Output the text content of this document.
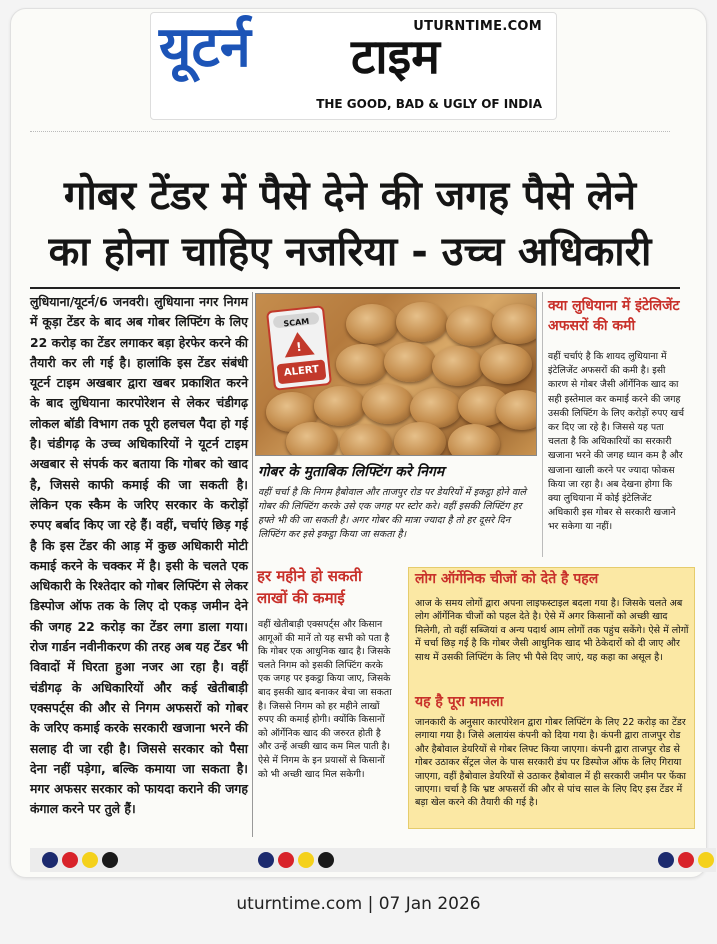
यूटर्न टाइम
UTURNTIME.COM
THE GOOD, BAD & UGLY OF INDIA
गोबर टेंडर में पैसे देने की जगह पैसे लेने
का होना चाहिए नजरिया - उच्च अधिकारी
लुधियाना/यूटर्न/6 जनवरी। लुधियाना नगर निगम में कूड़ा टेंडर के बाद अब गोबर लिफ्टिंग के लिए 22 करोड़ का टेंडर लगाकर बड़ा हेरफेर करने की तैयारी कर ली गई है। हालांकि इस टेंडर संबंधी यूटर्न टाइम अखबार द्वारा खबर प्रकाशित करने के बाद लुधियाना कारपोरेशन से लेकर चंडीगढ़ लोकल बॉडी विभाग तक पूरी हलचल पैदा हो गई है। चंडीगढ़ के उच्च अधिकारियों ने यूटर्न टाइम अखबार से संपर्क कर बताया कि गोबर को खाद है, जिससे काफी कमाई की जा सकती है। लेकिन एक स्कैम के जरिए सरकार के करोड़ों रुपए बर्बाद किए जा रहे हैं। वहीं, चर्चाएं छिड़ गई है कि इस टेंडर की आड़ में कुछ अधिकारी मोटी कमाई करने के चक्कर में है। इसी के चलते एक अधिकारी के रिश्तेदार को गोबर लिफ्टिंग से लेकर डिस्पोज ऑफ तक के लिए दो एकड़ जमीन देने की जगह 22 करोड़ का टेंडर लगा डाला गया। रोज गार्डन नवीनीकरण की तरह अब यह टेंडर भी विवादों में घिरता हुआ नजर आ रहा है। वहीं चंडीगढ़ के अधिकारियों और कई खेतीबाड़ी एक्सपर्ट्स की और से निगम अफसरों को गोबर के जरिए कमाई करके सरकारी खजाना भरने की सलाह दी जा रही है। जिससे सरकार को पैसा देना नहीं पड़ेगा, बल्कि कमाया जा सकता है। मगर अफसर सरकार को फायदा कराने की जगह कंगाल करने पर तुले हैं।
SCAM
!
ALERT
गोबर के मुताबिक लिफ्टिंग करे निगम
वहीं चर्चा है कि निगम हैबोवाल और ताजपुर रोड पर डेयरियों में इकट्ठा होने वाले गोबर की लिफ्टिंग करके उसे एक जगह पर स्टोर करे। वहीं इसकी लिफ्टिंग हर हफ्ते भी की जा सकती है। अगर गोबर की मात्रा ज्यादा है तो हर दूसरे दिन लिफ्टिंग कर इसे इकट्ठा किया जा सकता है।
क्या लुधियाना में इंटेलिजेंट अफसरों की कमी
वहीं चर्चाएं है कि शायद लुधियाना में इंटेलिजेंट अफसरों की कमी है। इसी कारण से गोबर जैसी ऑर्गेनिक खाद का सही इस्तेमाल कर कमाई करने की जगह उसकी लिफ्टिंग के लिए करोड़ों रुपए खर्च कर दिए जा रहे है। जिससे यह पता चलता है कि अधिकारियों का सरकारी खजाना भरने की जगह ध्यान कम है और खजाना खाली करने पर ज्यादा फोकस किया जा रहा है। अब देखना होगा कि क्या लुधियाना में कोई इंटेलिजेंट अधिकारी इस गोबर से सरकारी खजाने भर सकेगा या नहीं।
हर महीने हो सकती लाखों की कमाई
वहीं खेतीबाड़ी एक्सपर्ट्स और किसान आगूओं की मानें तो यह सभी को पता है कि गोबर एक आधुनिक खाद है। जिसके चलते निगम को इसकी लिफ्टिंग करके एक जगह पर इकट्ठा किया जाए, जिसके बाद इसकी खाद बनाकर बेचा जा सकता है। जिससे निगम को हर महीने लाखों रुपए की कमाई होगी। क्योंकि किसानों को ऑर्गेनिक खाद की जरुरत होती है और उन्हें अच्छी खाद कम मिल पाती है। ऐसे में निगम के इन प्रयासों से किसानों को भी अच्छी खाद मिल सकेगी।
लोग ऑर्गेनिक चीजों को देते है पहल
आज के समय लोगों द्वारा अपना लाइफस्टाइल बदला गया है। जिसके चलते अब लोग ऑर्गेनिक चीजों को पहल देते है। ऐसे में अगर किसानों को अच्छी खाद मिलेगी, तो वहीं सब्जियां व अन्य पदार्थ आम लोगों तक पहुंच सकेंगे। ऐसे में लोगों में चर्चा छिड़ गई है कि गोबर जैसी आधुनिक खाद भी ठेकेदारों को दी जाए और साथ में उसकी लिफ्टिंग के लिए भी पैसे दिए जाएं, यह कहा का असूल है।
यह है पूरा मामला
जानकारी के अनुसार कारपोरेशन द्वारा गोबर लिफ्टिंग के लिए 22 करोड़ का टेंडर लगाया गया है। जिसे अलायंस कंपनी को दिया गया है। कंपनी द्वारा ताजपुर रोड और हैबोवाल डेयरियों से गोबर लिफ्ट किया जाएगा। कंपनी द्वारा ताजपुर रोड से गोबर उठाकर सेंट्रल जेल के पास सरकारी डंप पर डिस्पोज ऑफ के लिए गिराया जाएगा, वहीं हैबोवाल डेयरियों से उठाकर हैबोवाल में ही सरकारी जमीन पर फेंका जाएगा। चर्चा है कि भ्रष्ट अफसरों की और से पांच साल के लिए दिए इस टेंडर में बड़ा खेल करने की तैयारी की गई है।
uturntime.com | 07 Jan 2026
